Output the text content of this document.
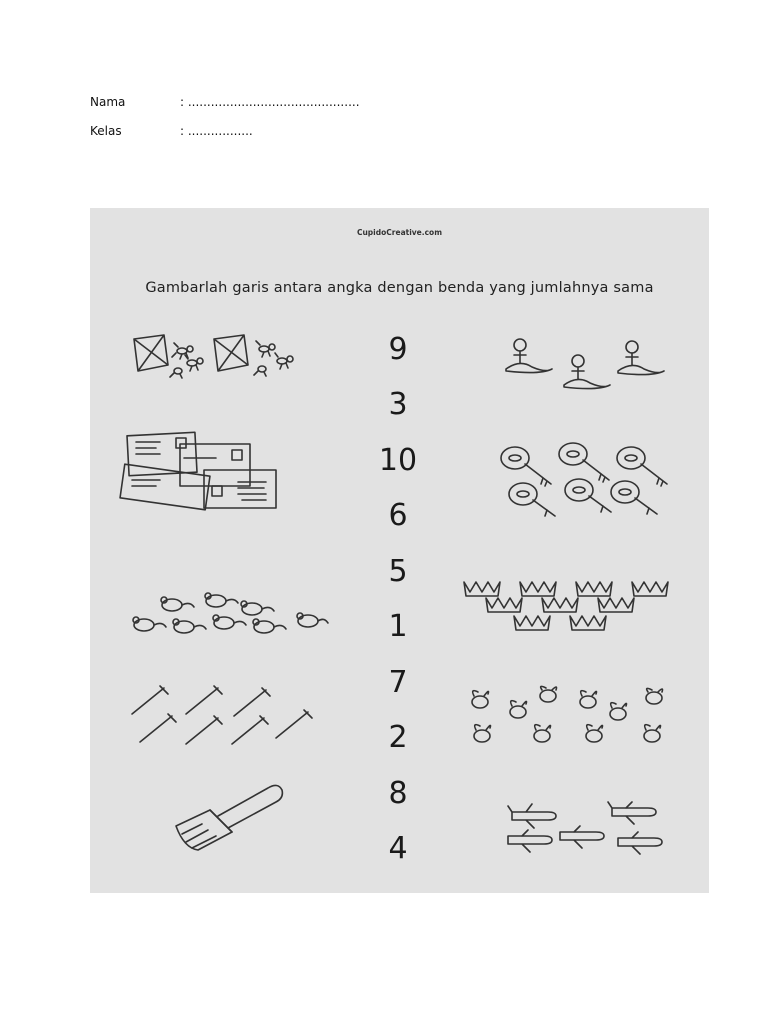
Nama	: .............................................
Kelas	: .................
CupidoCreative.com
Gambarlah garis antara angka dengan benda yang jumlahnya sama
9
3
10
6
5
1
7
2
8
4
